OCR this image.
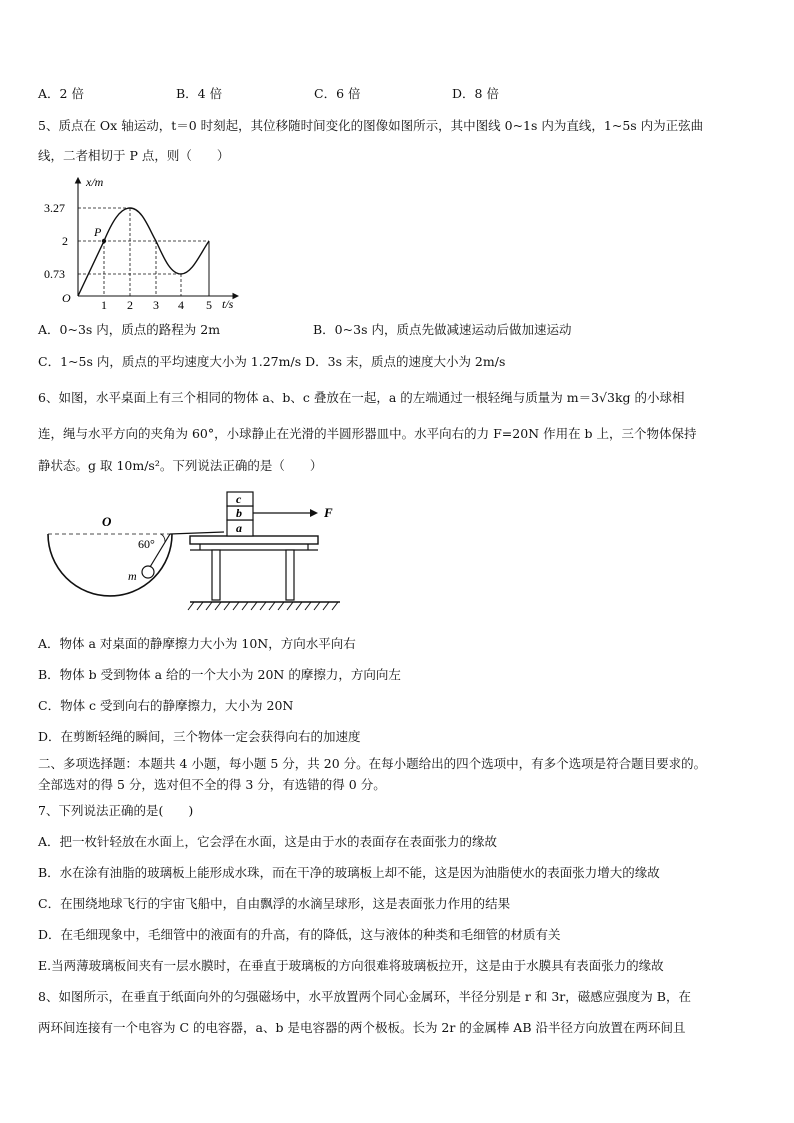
A．2 倍	B．4 倍	C．6 倍	D．8 倍
5、质点在 Ox 轴运动，t＝0 时刻起，其位移随时间变化的图像如图所示，其中图线 0~1s 内为直线，1~5s 内为正弦曲
线，二者相切于 P 点，则（　　）
x/m
t/s
O
P
3.27
2
0.73
1 2 3 4 5
A．0~3s 内，质点的路程为 2m	B．0~3s 内，质点先做减速运动后做加速运动
C．1~5s 内，质点的平均速度大小为 1.27m/s D．3s 末，质点的速度大小为 2m/s
6、如图，水平桌面上有三个相同的物体 a、b、c 叠放在一起，a 的左端通过一根轻绳与质量为 m＝3√3kg 的小球相
连，绳与水平方向的夹角为 60°，小球静止在光滑的半圆形器皿中。水平向右的力 F=20N 作用在 b 上，三个物体保持
静状态。g 取 10m/s²。下列说法正确的是（　　）
O
60°
m
a
b
c
F
A．物体 a 对桌面的静摩擦力大小为 10N，方向水平向右
B．物体 b 受到物体 a 给的一个大小为 20N 的摩擦力，方向向左
C．物体 c 受到向右的静摩擦力，大小为 20N
D．在剪断轻绳的瞬间，三个物体一定会获得向右的加速度
二、多项选择题：本题共 4 小题，每小题 5 分，共 20 分。在每小题给出的四个选项中，有多个选项是符合题目要求的。
全部选对的得 5 分，选对但不全的得 3 分，有选错的得 0 分。
7、下列说法正确的是(　　)
A．把一枚针轻放在水面上，它会浮在水面，这是由于水的表面存在表面张力的缘故
B．水在涂有油脂的玻璃板上能形成水珠，而在干净的玻璃板上却不能，这是因为油脂使水的表面张力增大的缘故
C．在围绕地球飞行的宇宙飞船中，自由飘浮的水滴呈球形，这是表面张力作用的结果
D．在毛细现象中，毛细管中的液面有的升高，有的降低，这与液体的种类和毛细管的材质有关
E.当两薄玻璃板间夹有一层水膜时，在垂直于玻璃板的方向很难将玻璃板拉开，这是由于水膜具有表面张力的缘故
8、如图所示，在垂直于纸面向外的匀强磁场中，水平放置两个同心金属环，半径分别是 r 和 3r，磁感应强度为 B，在
两环间连接有一个电容为 C 的电容器，a、b 是电容器的两个极板。长为 2r 的金属棒 AB 沿半径方向放置在两环间且
